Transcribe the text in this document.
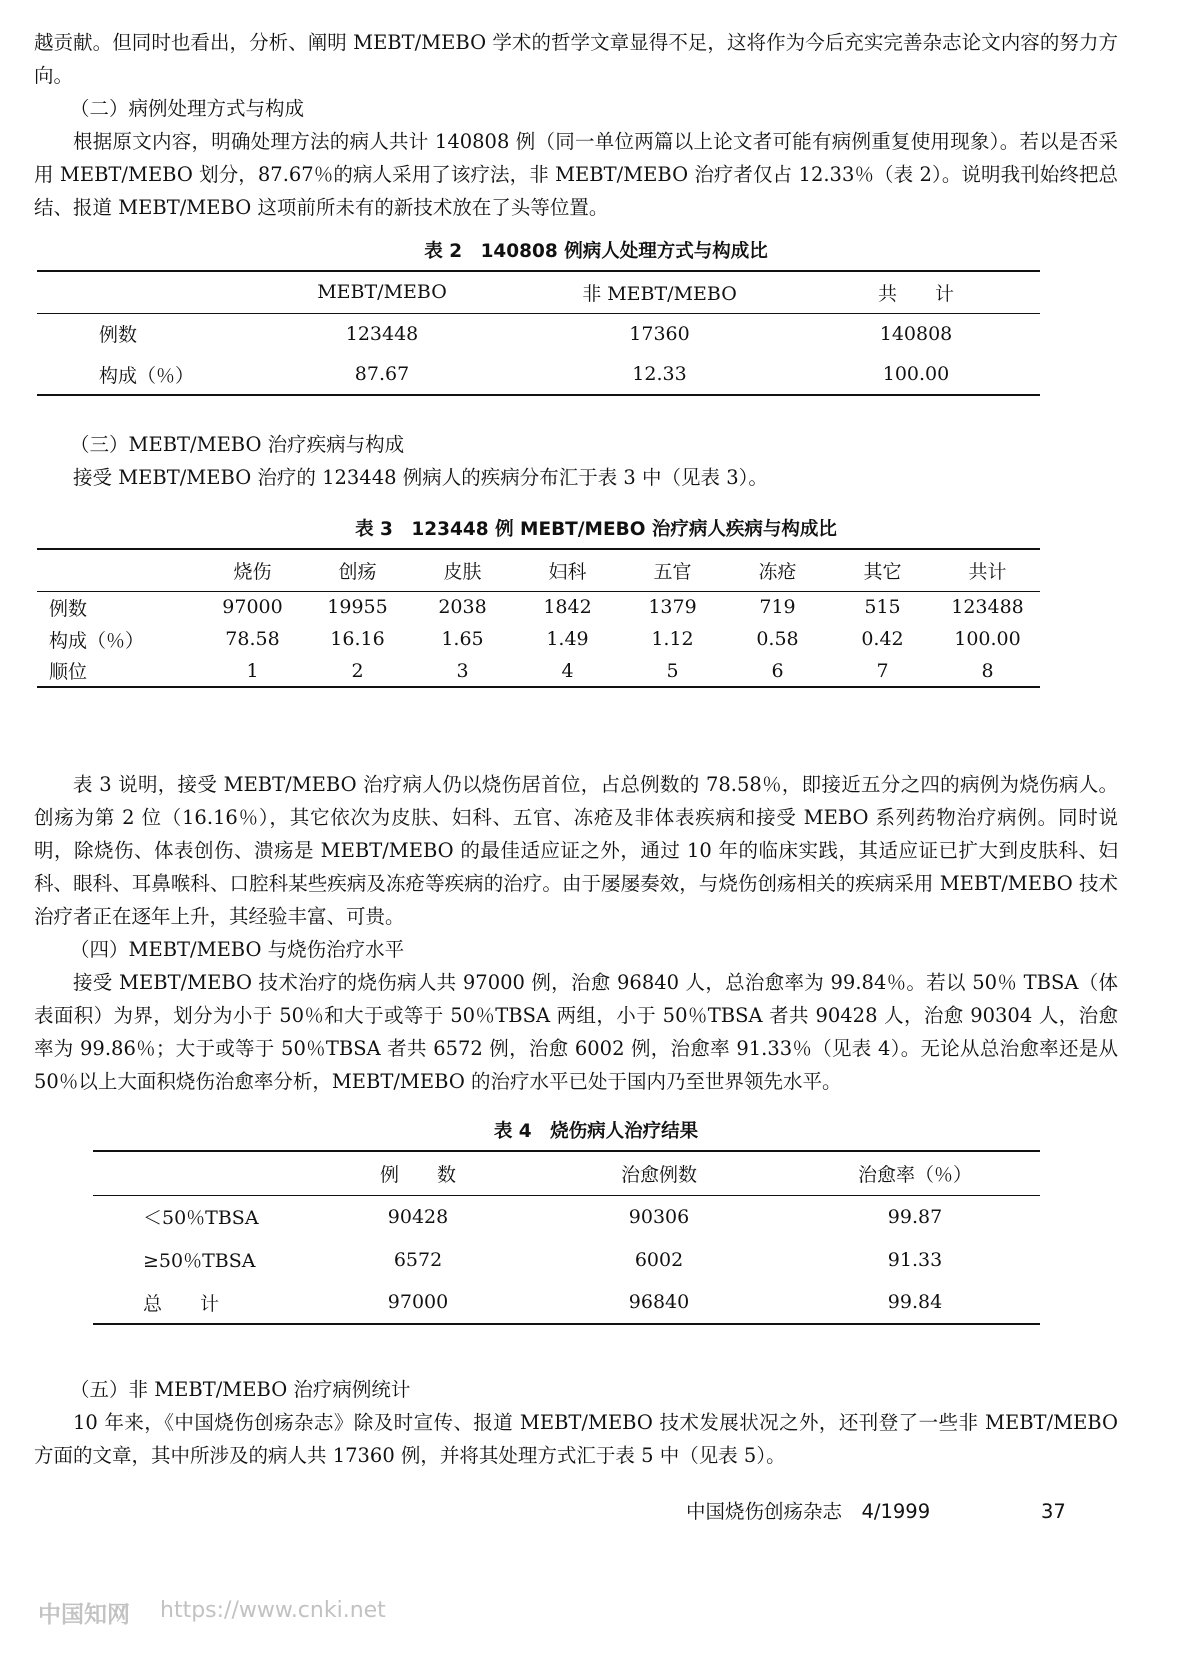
越贡献。但同时也看出，分析、阐明 MEBT/MEBO 学术的哲学文章显得不足，这将作为今后充实完善杂志论文内容的努力方向。

（二）病例处理方式与构成

根据原文内容，明确处理方法的病人共计 140808 例（同一单位两篇以上论文者可能有病例重复使用现象）。若以是否采用 MEBT/MEBO 划分，87.67％的病人采用了该疗法，非 MEBT/MEBO 治疗者仅占 12.33％（表 2）。说明我刊始终把总结、报道 MEBT/MEBO 这项前所未有的新技术放在了头等位置。

表 2　140808 例病人处理方式与构成比
	MEBT/MEBO	非 MEBT/MEBO	共　　计
例数	123448	17360	140808
构成（％）	87.67	12.33	100.00

（三）MEBT/MEBO 治疗疾病与构成

接受 MEBT/MEBO 治疗的 123448 例病人的疾病分布汇于表 3 中（见表 3）。

表 3　123448 例 MEBT/MEBO 治疗病人疾病与构成比
	烧伤	创疡	皮肤	妇科	五官	冻疮	其它	共计
例数	97000	19955	2038	1842	1379	719	515	123488
构成（％）	78.58	16.16	1.65	1.49	1.12	0.58	0.42	100.00
顺位	1	2	3	4	5	6	7	8

表 3 说明，接受 MEBT/MEBO 治疗病人仍以烧伤居首位，占总例数的 78.58％，即接近五分之四的病例为烧伤病人。创疡为第 2 位（16.16％），其它依次为皮肤、妇科、五官、冻疮及非体表疾病和接受 MEBO 系列药物治疗病例。同时说明，除烧伤、体表创伤、溃疡是 MEBT/MEBO 的最佳适应证之外，通过 10 年的临床实践，其适应证已扩大到皮肤科、妇科、眼科、耳鼻喉科、口腔科某些疾病及冻疮等疾病的治疗。由于屡屡奏效，与烧伤创疡相关的疾病采用 MEBT/MEBO 技术治疗者正在逐年上升，其经验丰富、可贵。

（四）MEBT/MEBO 与烧伤治疗水平

接受 MEBT/MEBO 技术治疗的烧伤病人共 97000 例，治愈 96840 人，总治愈率为 99.84％。若以 50％ TBSA（体表面积）为界，划分为小于 50％和大于或等于 50％TBSA 两组，小于 50％TBSA 者共 90428 人，治愈 90304 人，治愈率为 99.86％；大于或等于 50％TBSA 者共 6572 例，治愈 6002 例，治愈率 91.33％（见表 4）。无论从总治愈率还是从 50％以上大面积烧伤治愈率分析，MEBT/MEBO 的治疗水平已处于国内乃至世界领先水平。

表 4　烧伤病人治疗结果
	例　　数	治愈例数	治愈率（％）
＜50％TBSA	90428	90306	99.87
≥50％TBSA	6572	6002	91.33
总　　计	97000	96840	99.84

（五）非 MEBT/MEBO 治疗病例统计

10 年来，《中国烧伤创疡杂志》除及时宣传、报道 MEBT/MEBO 技术发展状况之外，还刊登了一些非 MEBT/MEBO 方面的文章，其中所涉及的病人共 17360 例，并将其处理方式汇于表 5 中（见表 5）。

中国烧伤创疡杂志　4/1999	37
中国知网 https://www.cnki.net
